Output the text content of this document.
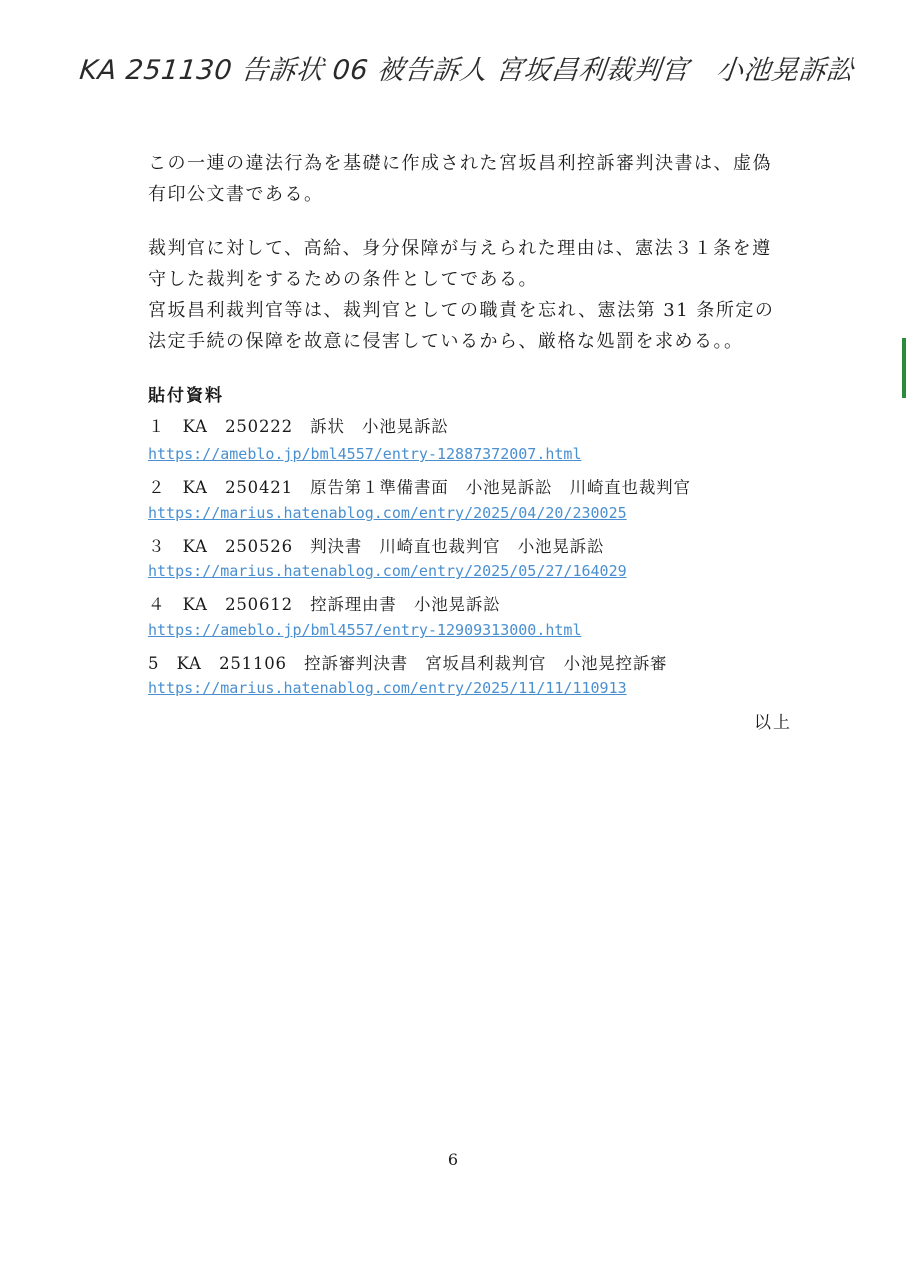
KA 251130 告訴状 06 被告訴人 宮坂昌利裁判官　小池晃訴訟
この一連の違法行為を基礎に作成された宮坂昌利控訴審判決書は、虚偽
有印公文書である。
裁判官に対して、高給、身分保障が与えられた理由は、憲法３１条を遵
守した裁判をするための条件としてである。
宮坂昌利裁判官等は、裁判官としての職責を忘れ、憲法第 31 条所定の
法定手続の保障を故意に侵害しているから、厳格な処罰を求める。。
貼付資料
１　KA　250222　訴状　小池晃訴訟
https://ameblo.jp/bml4557/entry-12887372007.html
２　KA　250421　原告第１準備書面　小池晃訴訟　川崎直也裁判官
https://marius.hatenablog.com/entry/2025/04/20/230025
３　KA　250526　判決書　川崎直也裁判官　小池晃訴訟
https://marius.hatenablog.com/entry/2025/05/27/164029
４　KA　250612　控訴理由書　小池晃訴訟
https://ameblo.jp/bml4557/entry-12909313000.html
5　KA　251106　控訴審判決書　宮坂昌利裁判官　小池晃控訴審
https://marius.hatenablog.com/entry/2025/11/11/110913
以上
6
